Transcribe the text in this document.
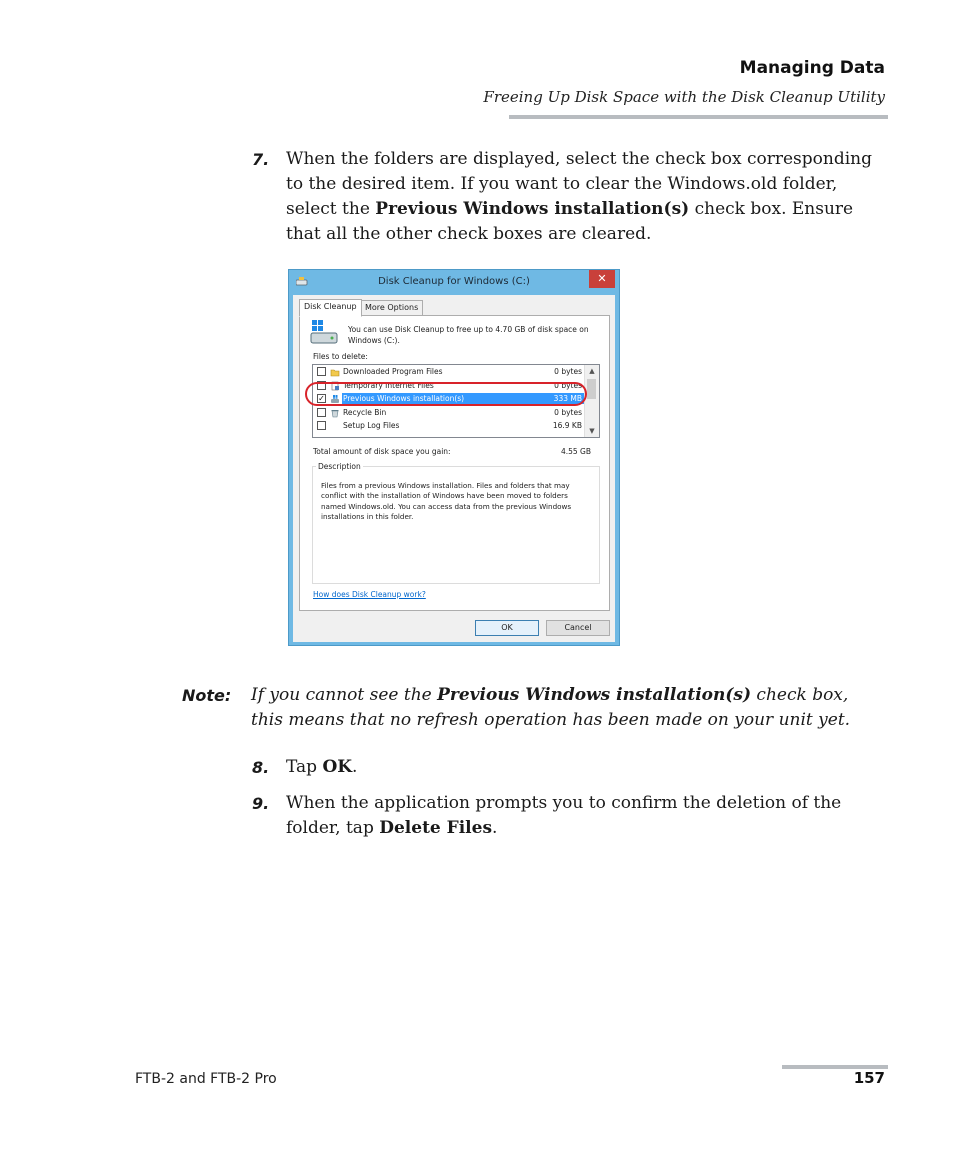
Managing Data
Freeing Up Disk Space with the Disk Cleanup Utility
7. When the folders are displayed, select the check box corresponding to the desired item. If you want to clear the Windows.old folder, select the Previous Windows installation(s) check box. Ensure that all the other check boxes are cleared.
Disk Cleanup for Windows (C:)	✕
Disk Cleanup	More Options
You can use Disk Cleanup to free up to 4.70 GB of disk space on Windows (C:).
Files to delete:
Downloaded Program Files	0 bytes
Temporary Internet Files	0 bytes
✓ Previous Windows installation(s)	333 MB
Recycle Bin	0 bytes
Setup Log Files	16.9 KB
▲
▼
Total amount of disk space you gain:	4.55 GB
Files from a previous Windows installation. Files and folders that may conflict with the installation of Windows have been moved to folders named Windows.old. You can access data from the previous Windows installations in this folder.
Description
How does Disk Cleanup work?
OK	Cancel
Note: If you cannot see the Previous Windows installation(s) check box, this means that no refresh operation has been made on your unit yet.
8. Tap OK.
9. When the application prompts you to confirm the deletion of the folder, tap Delete Files.
FTB-2 and FTB-2 Pro	157
